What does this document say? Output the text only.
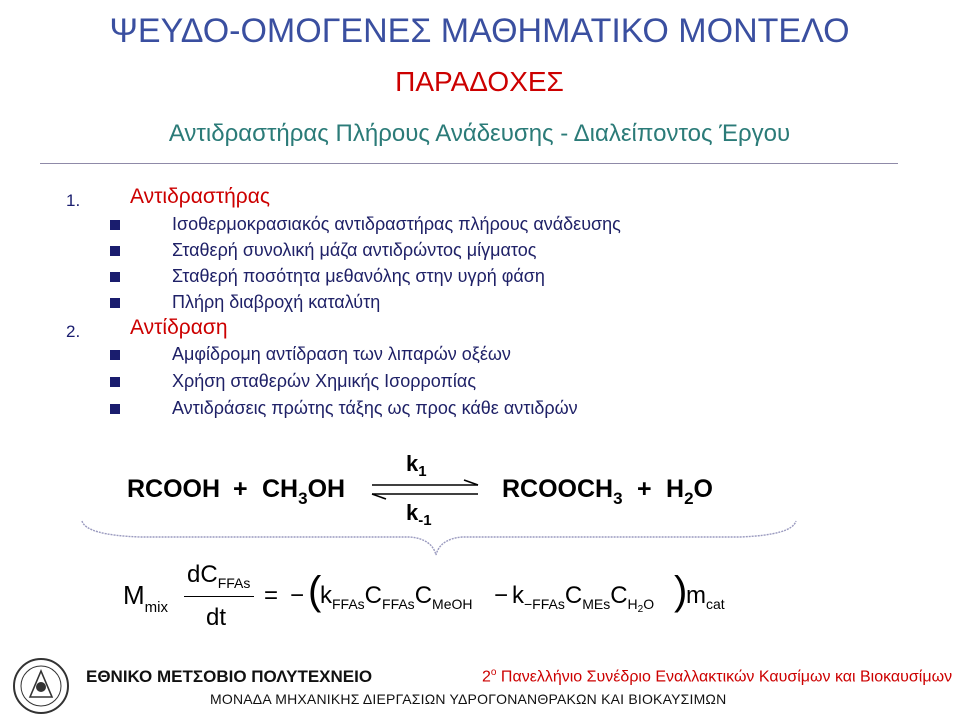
ΨΕΥΔΟ-ΟΜΟΓΕΝΕΣ ΜΑΘΗΜΑΤΙΚΟ ΜΟΝΤΕΛΟ
ΠΑΡΑΔΟΧΕΣ
Αντιδραστήρας Πλήρους Ανάδευσης - Διαλείποντος Έργου
1. Αντιδραστήρας
Ισοθερμοκρασιακός αντιδραστήρας πλήρους ανάδευσης
Σταθερή συνολική μάζα αντιδρώντος μίγματος
Σταθερή ποσότητα μεθανόλης στην υγρή φάση
Πλήρη διαβροχή καταλύτη
2. Αντίδραση
Αμφίδρομη αντίδραση των λιπαρών οξέων
Χρήση σταθερών Χημικής Ισορροπίας
Αντιδράσεις πρώτης τάξης ως προς κάθε αντιδρών
RCOOH + $CH_3OH$
$k_1$
$k_{-1}$
$RCOOCH_3 + H_2O$
$M_{mix}$
$dC_{FFAs}$
dt
= − (
$k_{FFAs}C_{FFAs}C_{MeOH} - k_{-FFAs}C_{MEs}C_{H2O}$ )
$m_{cat}$
ΕΘΝΙΚΟ ΜΕΤΣΟΒΙΟ ΠΟΛΥΤΕΧΝΕΙΟ	$2^o$ Πανελλήνιο Συνέδριο Εναλλακτικών Καυσίμων και Βιοκαυσίμων
ΜΟΝΑΔΑ ΜΗΧΑΝΙΚΗΣ ΔΙΕΡΓΑΣΙΩΝ ΥΔΡΟΓΟΝΑΝΘΡΑΚΩΝ ΚΑΙ ΒΙΟΚΑΥΣΙΜΩΝ
